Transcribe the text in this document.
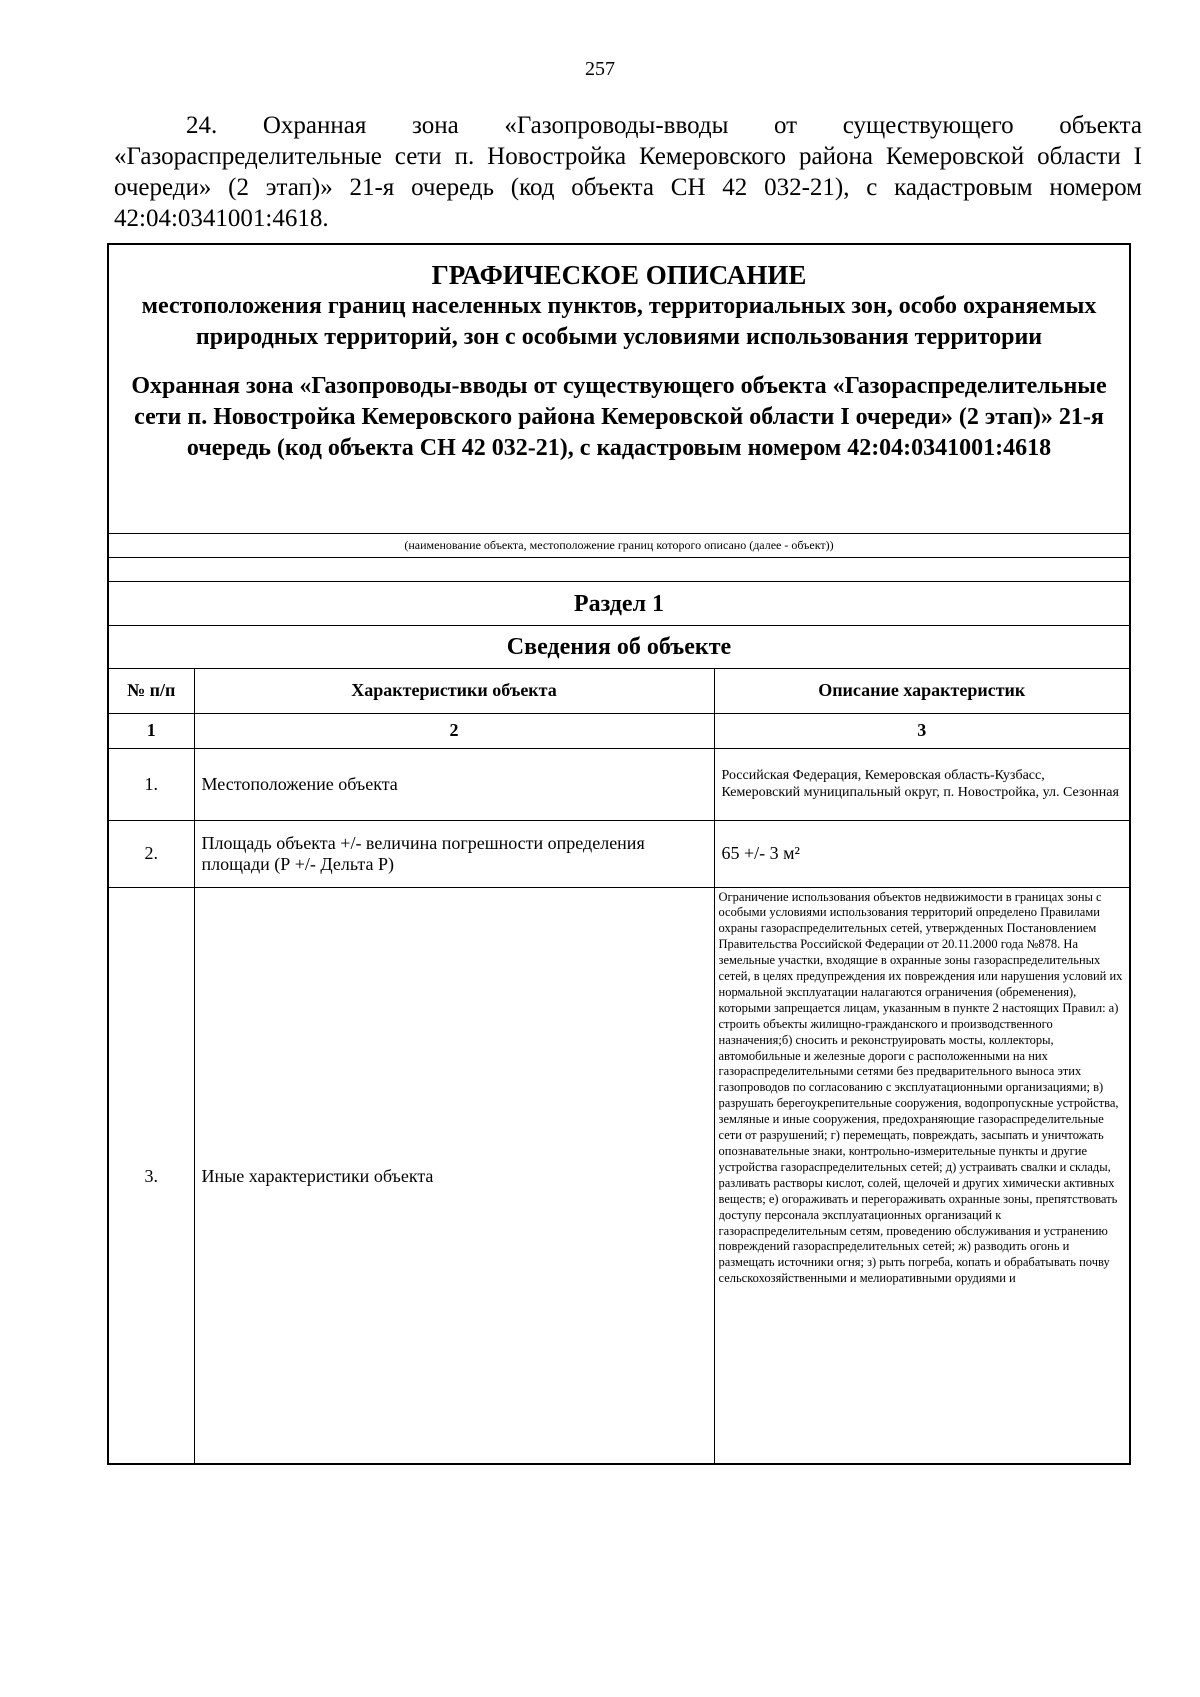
257
24. Охранная зона «Газопроводы-вводы от существующего объекта «Газораспределительные сети п. Новостройка Кемеровского района Кемеровской области I очереди» (2 этап)» 21-я очередь (код объекта СН 42 032-21), с кадастровым номером 42:04:0341001:4618.
ГРАФИЧЕСКОЕ ОПИСАНИЕ
местоположения границ населенных пунктов, территориальных зон, особо охраняемых природных территорий, зон с особыми условиями использования территории
Охранная зона «Газопроводы-вводы от существующего объекта «Газораспределительные сети п. Новостройка Кемеровского района Кемеровской области I очереди» (2 этап)» 21-я очередь (код объекта СН 42 032-21), с кадастровым номером 42:04:0341001:4618
(наименование объекта, местоположение границ которого описано (далее - объект))
Раздел 1
Сведения об объекте
№ п/п	Характеристики объекта	Описание характеристик
1	2	3
1.	Местоположение объекта	Российская Федерация, Кемеровская область-Кузбасс, Кемеровский муниципальный округ, п. Новостройка, ул. Сезонная
2.	Площадь объекта +/- величина погрешности определения площади (Р +/- Дельта Р)	65 +/- 3 м²
3.	Иные характеристики объекта	Ограничение использования объектов недвижимости в границах зоны с особыми условиями использования территорий определено Правилами охраны газораспределительных сетей, утвержденных Постановлением Правительства Российской Федерации от 20.11.2000 года №878. На земельные участки, входящие в охранные зоны газораспределительных сетей, в целях предупреждения их повреждения или нарушения условий их нормальной эксплуатации налагаются ограничения (обременения), которыми запрещается лицам, указанным в пункте 2 настоящих Правил: а) строить объекты жилищно-гражданского и производственного назначения;б) сносить и реконструировать мосты, коллекторы, автомобильные и железные дороги с расположенными на них газораспределительными сетями без предварительного выноса этих газопроводов по согласованию с эксплуатационными организациями; в) разрушать берегоукрепительные сооружения, водопропускные устройства, земляные и иные сооружения, предохраняющие газораспределительные сети от разрушений; г) перемещать, повреждать, засыпать и уничтожать опознавательные знаки, контрольно-измерительные пункты и другие устройства газораспределительных сетей; д) устраивать свалки и склады, разливать растворы кислот, солей, щелочей и других химически активных веществ; е) огораживать и перегораживать охранные зоны, препятствовать доступу персонала эксплуатационных организаций к газораспределительным сетям, проведению обслуживания и устранению повреждений газораспределительных сетей; ж) разводить огонь и размещать источники огня; з) рыть погреба, копать и обрабатывать почву сельскохозяйственными и мелиоративными орудиями и
